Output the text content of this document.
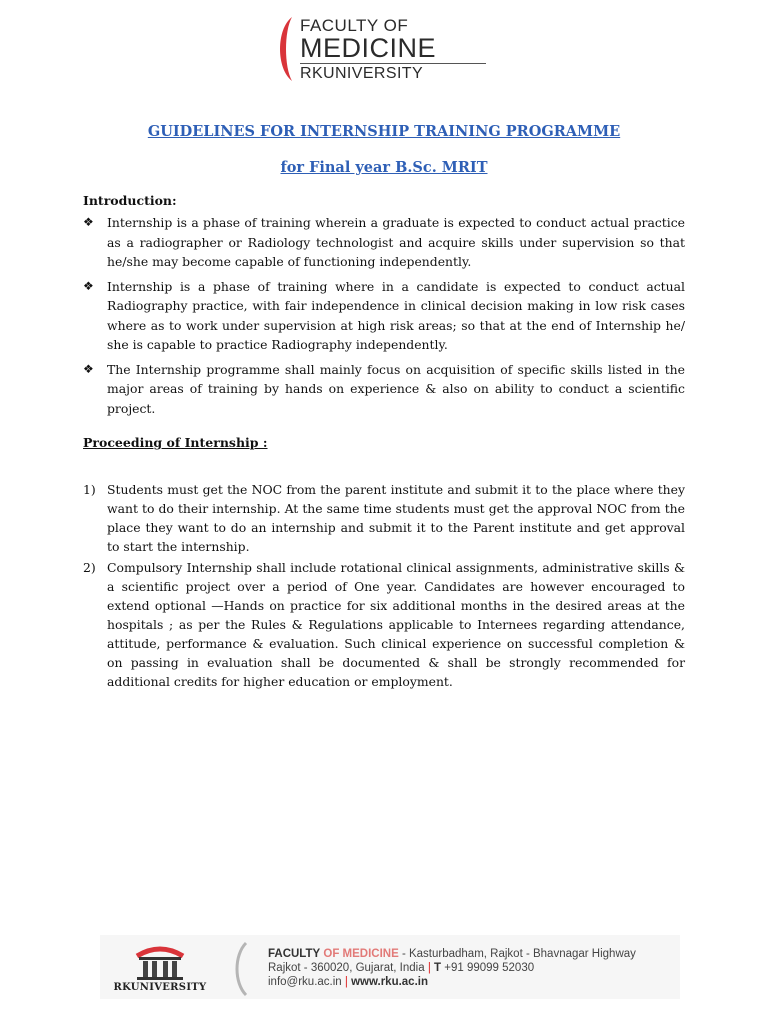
FACULTY OF
MEDICINE
RKUNIVERSITY
GUIDELINES FOR INTERNSHIP TRAINING PROGRAMME
for Final year B.Sc. MRIT
Introduction:
❖ Internship is a phase of training wherein a graduate is expected to conduct actual practice as a radiographer or Radiology technologist and acquire skills under supervision so that he/she may become capable of functioning independently.
❖ Internship is a phase of training where in a candidate is expected to conduct actual Radiography practice, with fair independence in clinical decision making in low risk cases where as to work under supervision at high risk areas; so that at the end of Internship he/ she is capable to practice Radiography independently.
❖ The Internship programme shall mainly focus on acquisition of specific skills listed in the major areas of training by hands on experience & also on ability to conduct a scientific project.
Proceeding of Internship :
1) Students must get the NOC from the parent institute and submit it to the place where they want to do their internship. At the same time students must get the approval NOC from the place they want to do an internship and submit it to the Parent institute and get approval to start the internship.
2) Compulsory Internship shall include rotational clinical assignments, administrative skills & a scientific project over a period of One year. Candidates are however encouraged to extend optional —Hands on practice for six additional months in the desired areas at the hospitals ; as per the Rules & Regulations applicable to Internees regarding attendance, attitude, performance & evaluation. Such clinical experience on successful completion & on passing in evaluation shall be documented & shall be strongly recommended for additional credits for higher education or employment.
RKUNIVERSITY
FACULTY OF MEDICINE - Kasturbadham, Rajkot - Bhavnagar Highway
Rajkot - 360020, Gujarat, India | T +91 99099 52030
info@rku.ac.in | www.rku.ac.in
